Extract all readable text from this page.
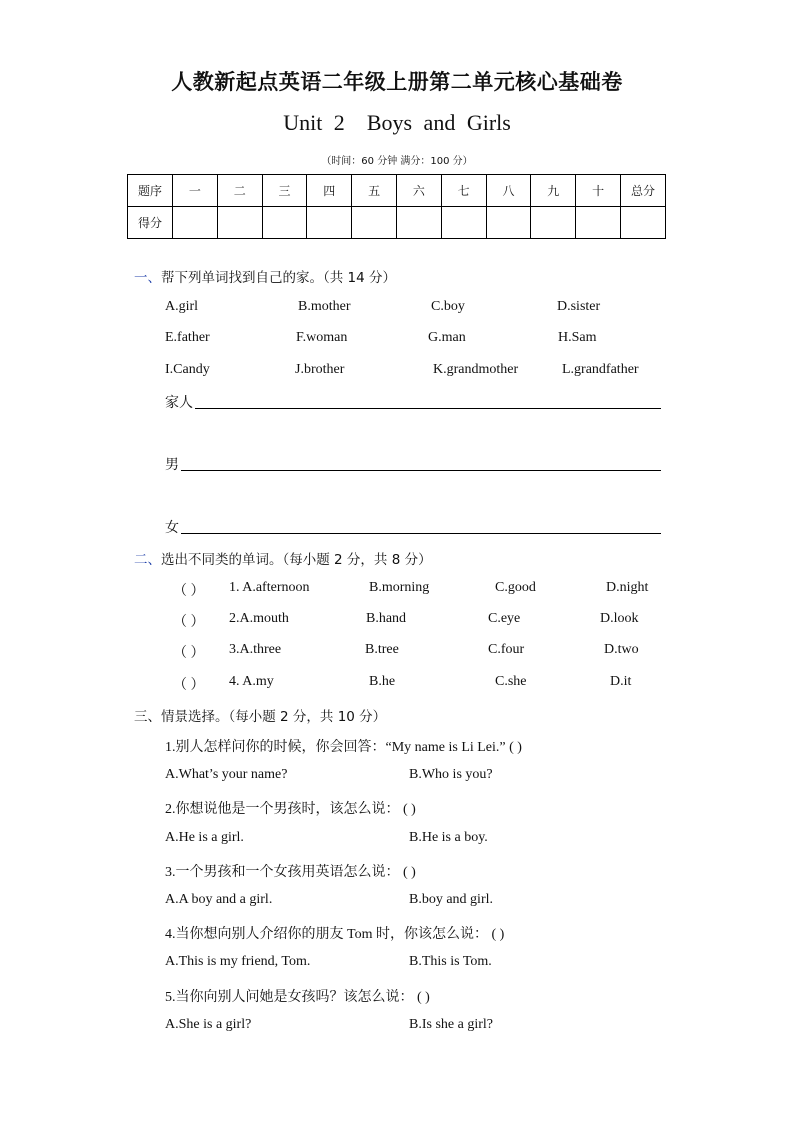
人教新起点英语二年级上册第二单元核心基础卷
Unit 2 Boys and Girls
（时间：60 分钟 满分：100 分）
题序	一	二	三	四	五	六	七	八	九	十	总分
得分											
一、帮下列单词找到自己的家。（共 14 分）
A.girl	B.mother	C.boy	D.sister
E.father	F.woman	G.man	H.Sam
I.Candy	J.brother	K.grandmother	L.grandfather
家人
男
女
二、选出不同类的单词。（每小题 2 分，共 8 分）
（ ） 1. A.afternoon	B.morning	C.good	D.night
（ ） 2.A.mouth	B.hand	C.eye	D.look
（ ） 3.A.three	B.tree	C.four	D.two
（ ） 4. A.my	B.he	C.she	D.it
三、情景选择。（每小题 2 分，共 10 分）
1.别人怎样问你的时候，你会回答：“My name is Li Lei.” ( )
A.What’s your name?	B.Who is you?
2.你想说他是一个男孩时，该怎么说： ( )
A.He is a girl.	B.He is a boy.
3.一个男孩和一个女孩用英语怎么说： ( )
A.A boy and a girl.	B.boy and girl.
4.当你想向别人介绍你的朋友 Tom 时，你该怎么说： ( )
A.This is my friend, Tom.	B.This is Tom.
5.当你向别人问她是女孩吗？该怎么说： ( )
A.She is a girl?	B.Is she a girl?
